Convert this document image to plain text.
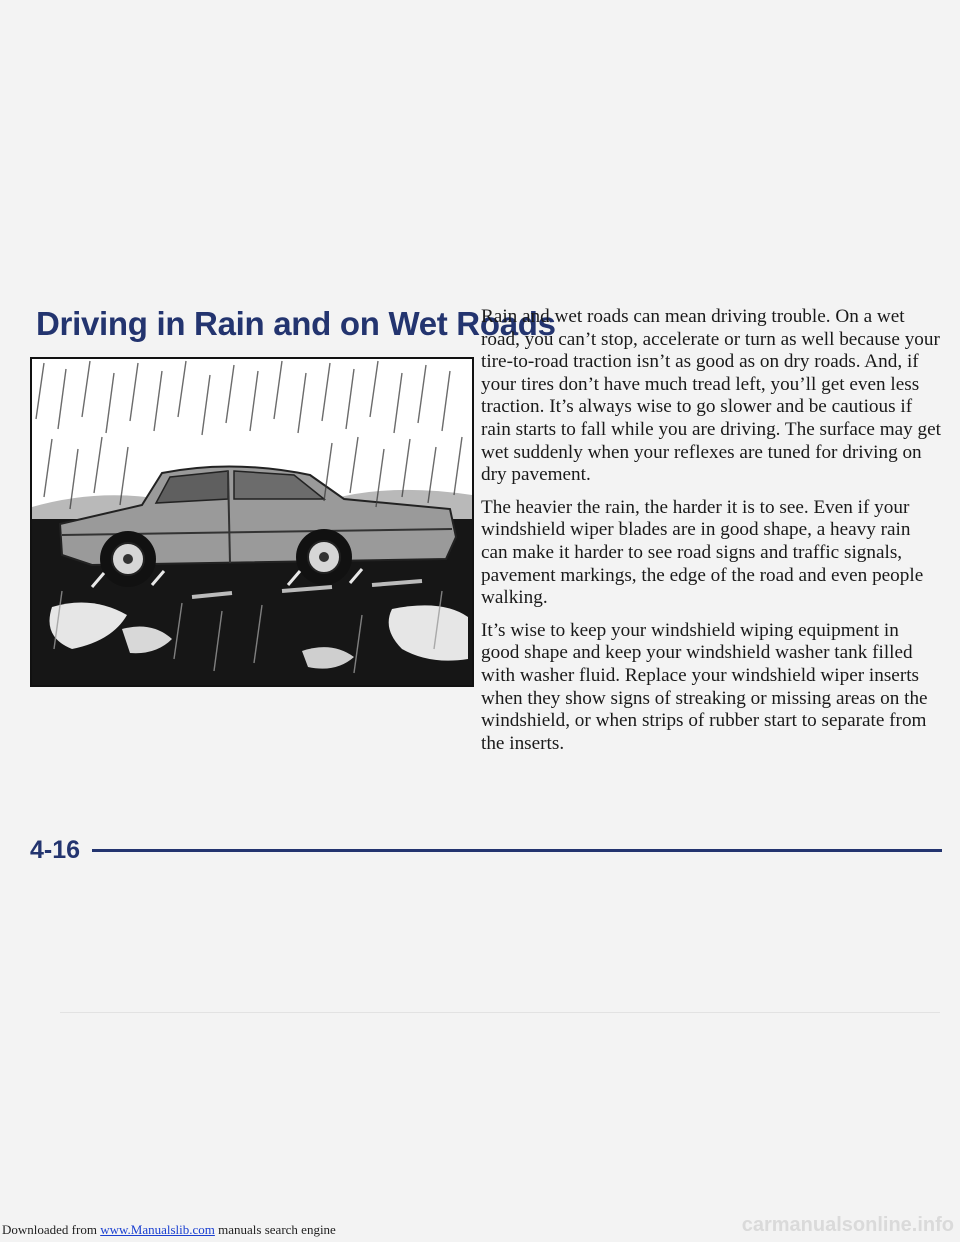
Driving in Rain and on Wet Roads

Rain and wet roads can mean driving trouble. On a wet road, you can’t stop, accelerate or turn as well because your tire-to-road traction isn’t as good as on dry roads. And, if your tires don’t have much tread left, you’ll get even less traction. It’s always wise to go slower and be cautious if rain starts to fall while you are driving. The surface may get wet suddenly when your reflexes are tuned for driving on dry pavement.

The heavier the rain, the harder it is to see. Even if your windshield wiper blades are in good shape, a heavy rain can make it harder to see road signs and traffic signals, pavement markings, the edge of the road and even people walking.

It’s wise to keep your windshield wiping equipment in good shape and keep your windshield washer tank filled with washer fluid. Replace your windshield wiper inserts when they show signs of streaking or missing areas on the windshield, or when strips of rubber start to separate from the inserts.

4-16
Downloaded from www.Manualslib.com manuals search engine	carmanualsonline.info
